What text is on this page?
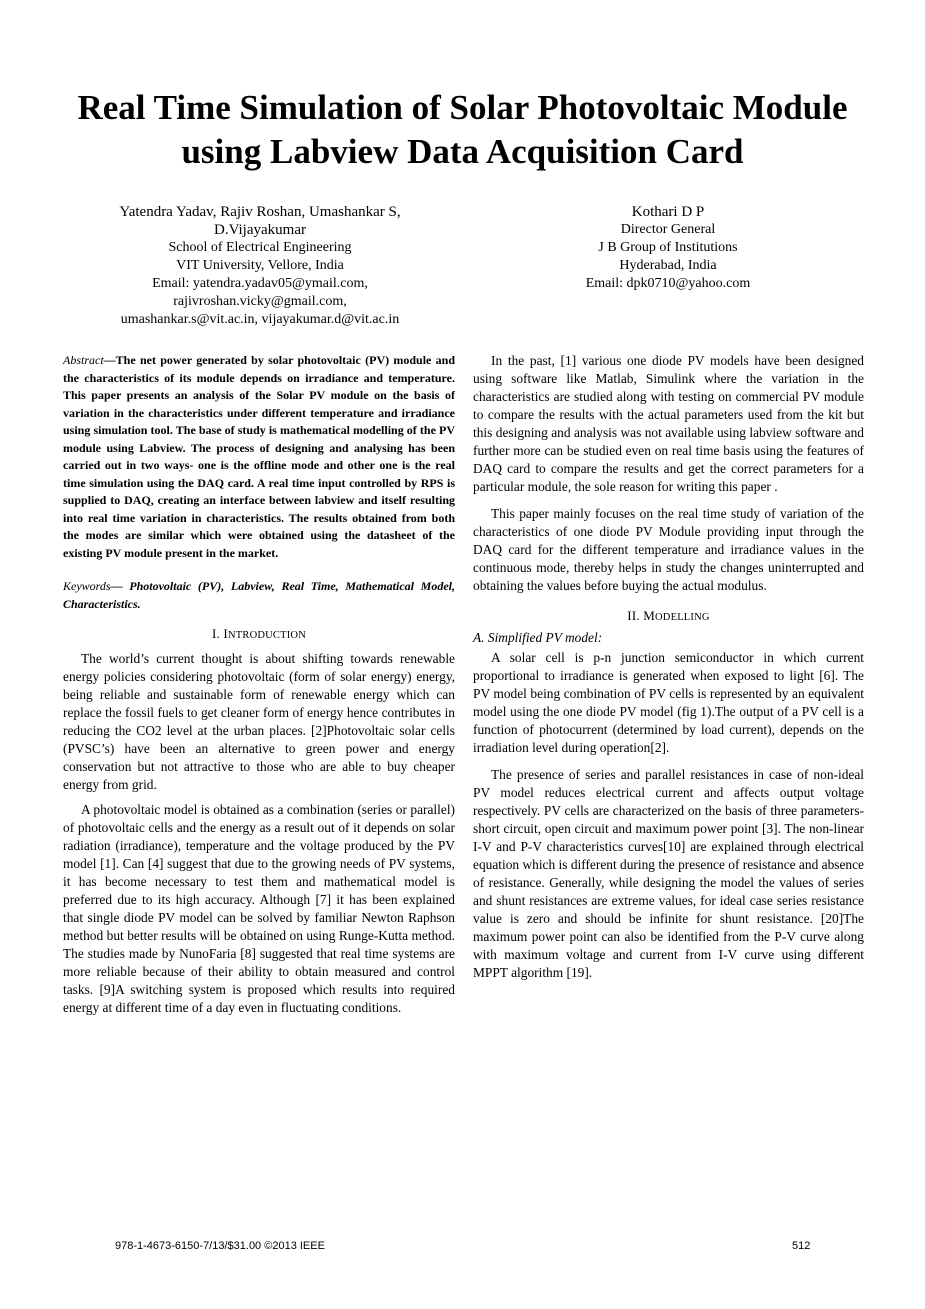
Real Time Simulation of Solar Photovoltaic Module
using Labview Data Acquisition Card
Yatendra Yadav, Rajiv Roshan, Umashankar S,
D.Vijayakumar
School of Electrical Engineering
VIT University, Vellore, India
Email: yatendra.yadav05@ymail.com,
rajivroshan.vicky@gmail.com,
umashankar.s@vit.ac.in, vijayakumar.d@vit.ac.in
Kothari D P
Director General
J B Group of Institutions
Hyderabad, India
Email: dpk0710@yahoo.com

Abstract—The net power generated by solar photovoltaic (PV) module and the characteristics of its module depends on irradiance and temperature. This paper presents an analysis of the Solar PV module on the basis of variation in the characteristics under different temperature and irradiance using simulation tool. The base of study is mathematical modelling of the PV module using Labview. The process of designing and analysing has been carried out in two ways- one is the offline mode and other one is the real time simulation using the DAQ card. A real time input controlled by RPS is supplied to DAQ, creating an interface between labview and itself resulting into real time variation in characteristics. The results obtained from both the modes are similar which were obtained using the datasheet of the existing PV module present in the market.

Keywords— Photovoltaic (PV), Labview, Real Time, Mathematical Model, Characteristics.

I. INTRODUCTION

The world’s current thought is about shifting towards renewable energy policies considering photovoltaic (form of solar energy) energy, being reliable and sustainable form of renewable energy which can replace the fossil fuels to get cleaner form of energy hence contributes in reducing the CO2 level at the urban places. [2]Photovoltaic solar cells (PVSC’s) have been an alternative to green power and energy conservation but not attractive to those who are able to buy cheaper energy from grid.

A photovoltaic model is obtained as a combination (series or parallel) of photovoltaic cells and the energy as a result out of it depends on solar radiation (irradiance), temperature and the voltage produced by the PV model [1]. Can [4] suggest that due to the growing needs of PV systems, it has become necessary to test them and mathematical model is preferred due to its high accuracy. Although [7] it has been explained that single diode PV model can be solved by familiar Newton Raphson method but better results will be obtained on using Runge-Kutta method. The studies made by NunoFaria [8] suggested that real time systems are more reliable because of their ability to obtain measured and control tasks. [9]A switching system is proposed which results into required energy at different time of a day even in fluctuating conditions.

In the past, [1] various one diode PV models have been designed using software like Matlab, Simulink where the variation in the characteristics are studied along with testing on commercial PV module to compare the results with the actual parameters used from the kit but this designing and analysis was not available using labview software and further more can be studied even on real time basis using the features of DAQ card to compare the results and get the correct parameters for a particular module, the sole reason for writing this paper .

This paper mainly focuses on the real time study of variation of the characteristics of one diode PV Module providing input through the DAQ card for the different temperature and irradiance values in the continuous mode, thereby helps in study the changes uninterrupted and obtaining the values before buying the actual modulus.

II. MODELLING
A. Simplified PV model:

A solar cell is p-n junction semiconductor in which current proportional to irradiance is generated when exposed to light [6]. The PV model being combination of PV cells is represented by an equivalent model using the one diode PV model (fig 1).The output of a PV cell is a function of photocurrent (determined by load current), depends on the irradiation level during operation[2].

The presence of series and parallel resistances in case of non-ideal PV model reduces electrical current and affects output voltage respectively. PV cells are characterized on the basis of three parameters-short circuit, open circuit and maximum power point [3]. The non-linear I-V and P-V characteristics curves[10] are explained through electrical equation which is different during the presence of resistance and absence of resistance. Generally, while designing the model the values of series and shunt resistances are extreme values, for ideal case series resistance value is zero and should be infinite for shunt resistance. [20]The maximum power point can also be identified from the P-V curve along with maximum voltage and current from I-V curve using different MPPT algorithm [19].

978-1-4673-6150-7/13/$31.00 ©2013 IEEE	512
